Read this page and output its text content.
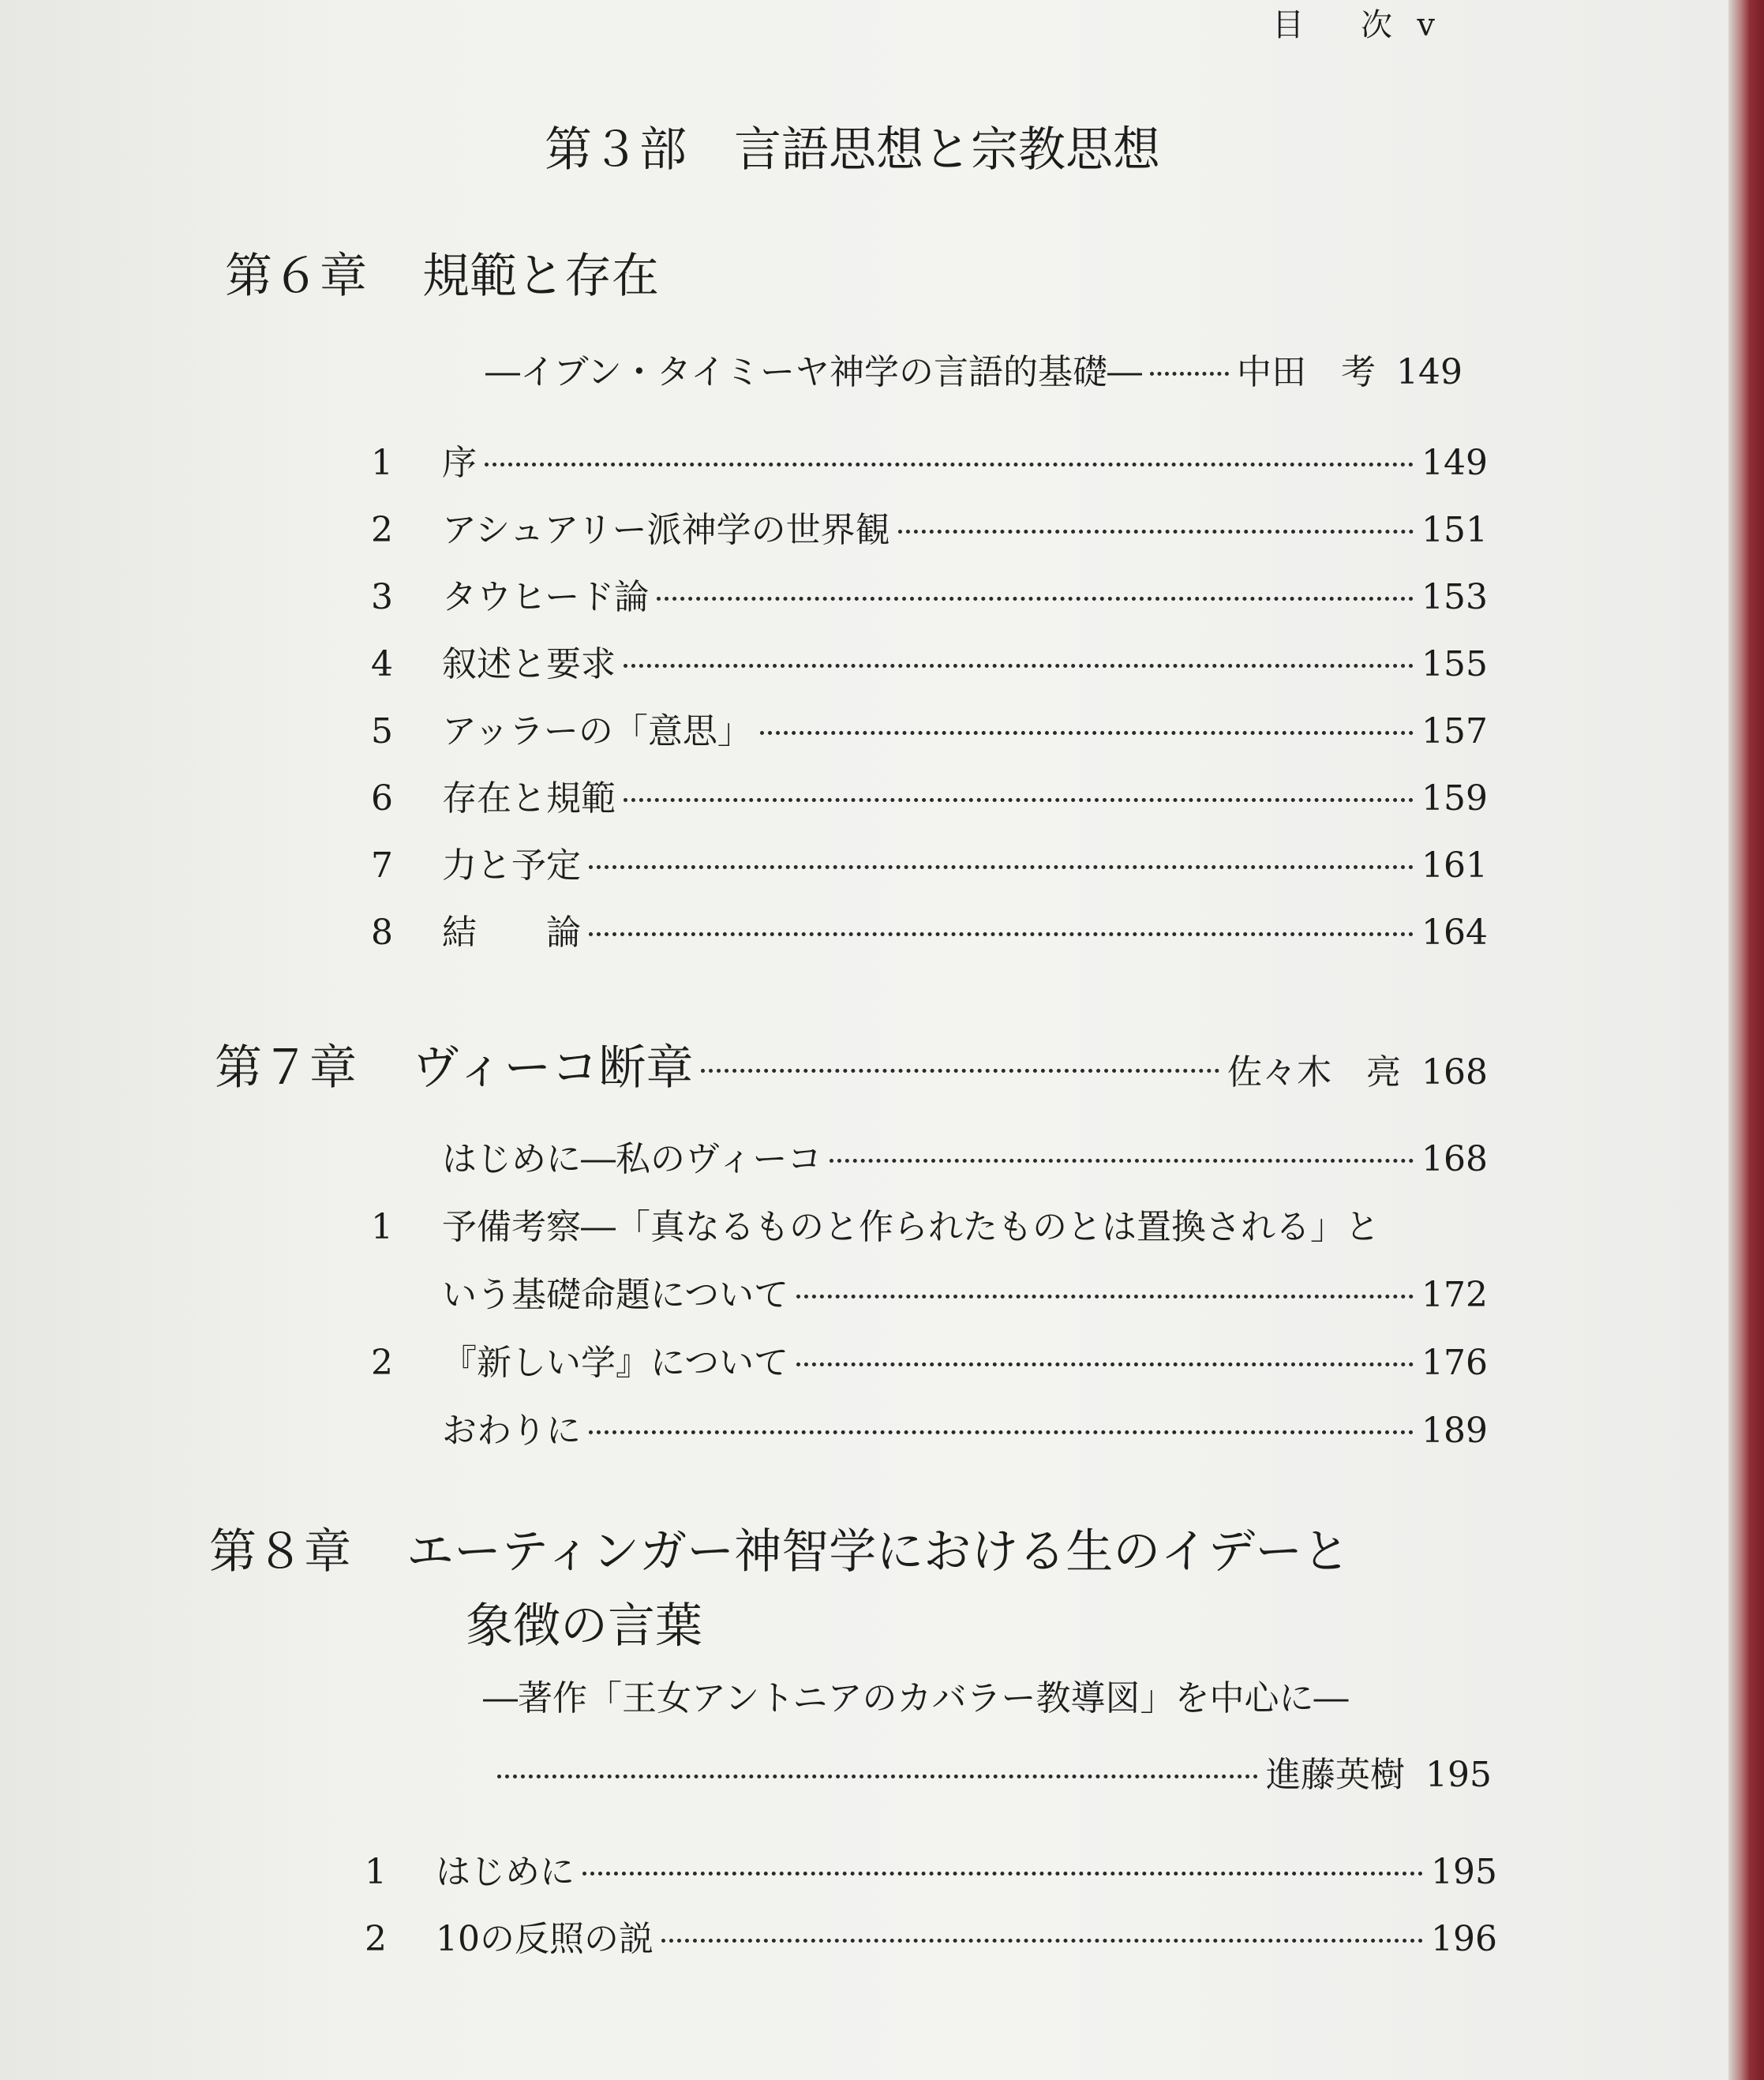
目 次 v
第３部　言語思想と宗教思想
第６章 規範と存在
―イブン・タイミーヤ神学の言語的基礎―	中田　考 149
1	序	149
2	アシュアリー派神学の世界観	151
3	タウヒード論	153
4	叙述と要求	155
5	アッラーの「意思」	157
6	存在と規範	159
7	力と予定	161
8	結　　論	164
第７章	ヴィーコ断章	佐々木　亮 168
はじめに―私のヴィーコ	168
1	予備考察―「真なるものと作られたものとは置換される」と
いう基礎命題について	172
2	『新しい学』について	176
おわりに	189
第８章 エーティンガー神智学における生のイデーと
象徴の言葉
―著作「王女アントニアのカバラー教導図」を中心に―
進藤英樹 195
1	はじめに	195
2	10の反照の説	196
